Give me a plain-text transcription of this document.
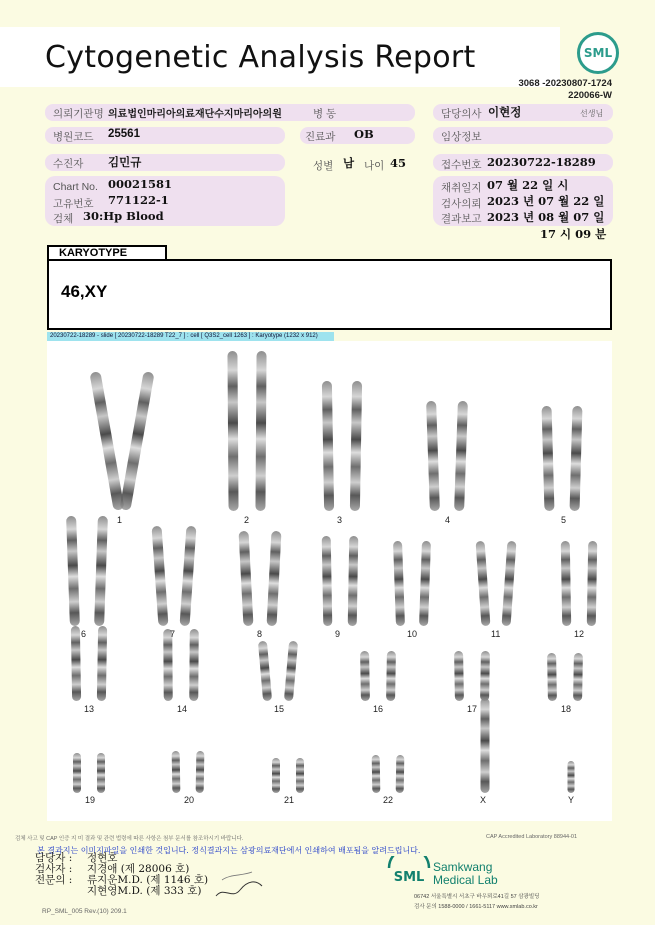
Cytogenetic Analysis Report	SML
3068 -20230807-1724
220066-W
의뢰기관명 의료법인마리아의료재단수지마리아의원	병 동	담당의사 이현정	선생님
병원코드 25561	진료과 OB	임상정보
수진자 김민규	성별 남 나이 45	접수번호 20230722-18289
Chart No. 00021581
고유번호 771122-1
검체 30:Hp Blood
채취일지 07 월 22 일 시
검사의뢰 2023 년 07 월 22 일
결과보고 2023 년 08 월 07 일
17 시 09 분
KARYOTYPE
46,XY
20230722-18289 - slide [ 20230722-18289 T22_7 ] : cell [ Q3S2_cell 1263 ] : Karyotype (1232 x 912)
1	2	3	4	5
6	7	8	9	10	11	12
13	14	15	16	17	18
19	20	21	22	X	Y
검체 사고 및 CAP 인증 지 미 결과 및 관련 법령에 따른 사항은 첨부 문서를 참조하시기 바랍니다.	CAP Accredited Laboratory 88944-01
본 결과지는 이미지파일을 인쇄한 것입니다. 정식결과지는 삼광의료재단에서 인쇄하여 배포됨을 알려드립니다.
담당자 :	정현호
검사자 :	지경애 (제 28006 호)
전문의 :	류지운M.D. (제 1146 호)
지현영M.D. (제 333 호)
RP_SML_005 Rev.(10) 209.1
SML
Samkwang
Medical Lab
06742 서울특별시 서초구 바우뫼로41길 57 삼광빌딩
검사 문의 1588-0000 / 1661-5117 www.smlab.co.kr
